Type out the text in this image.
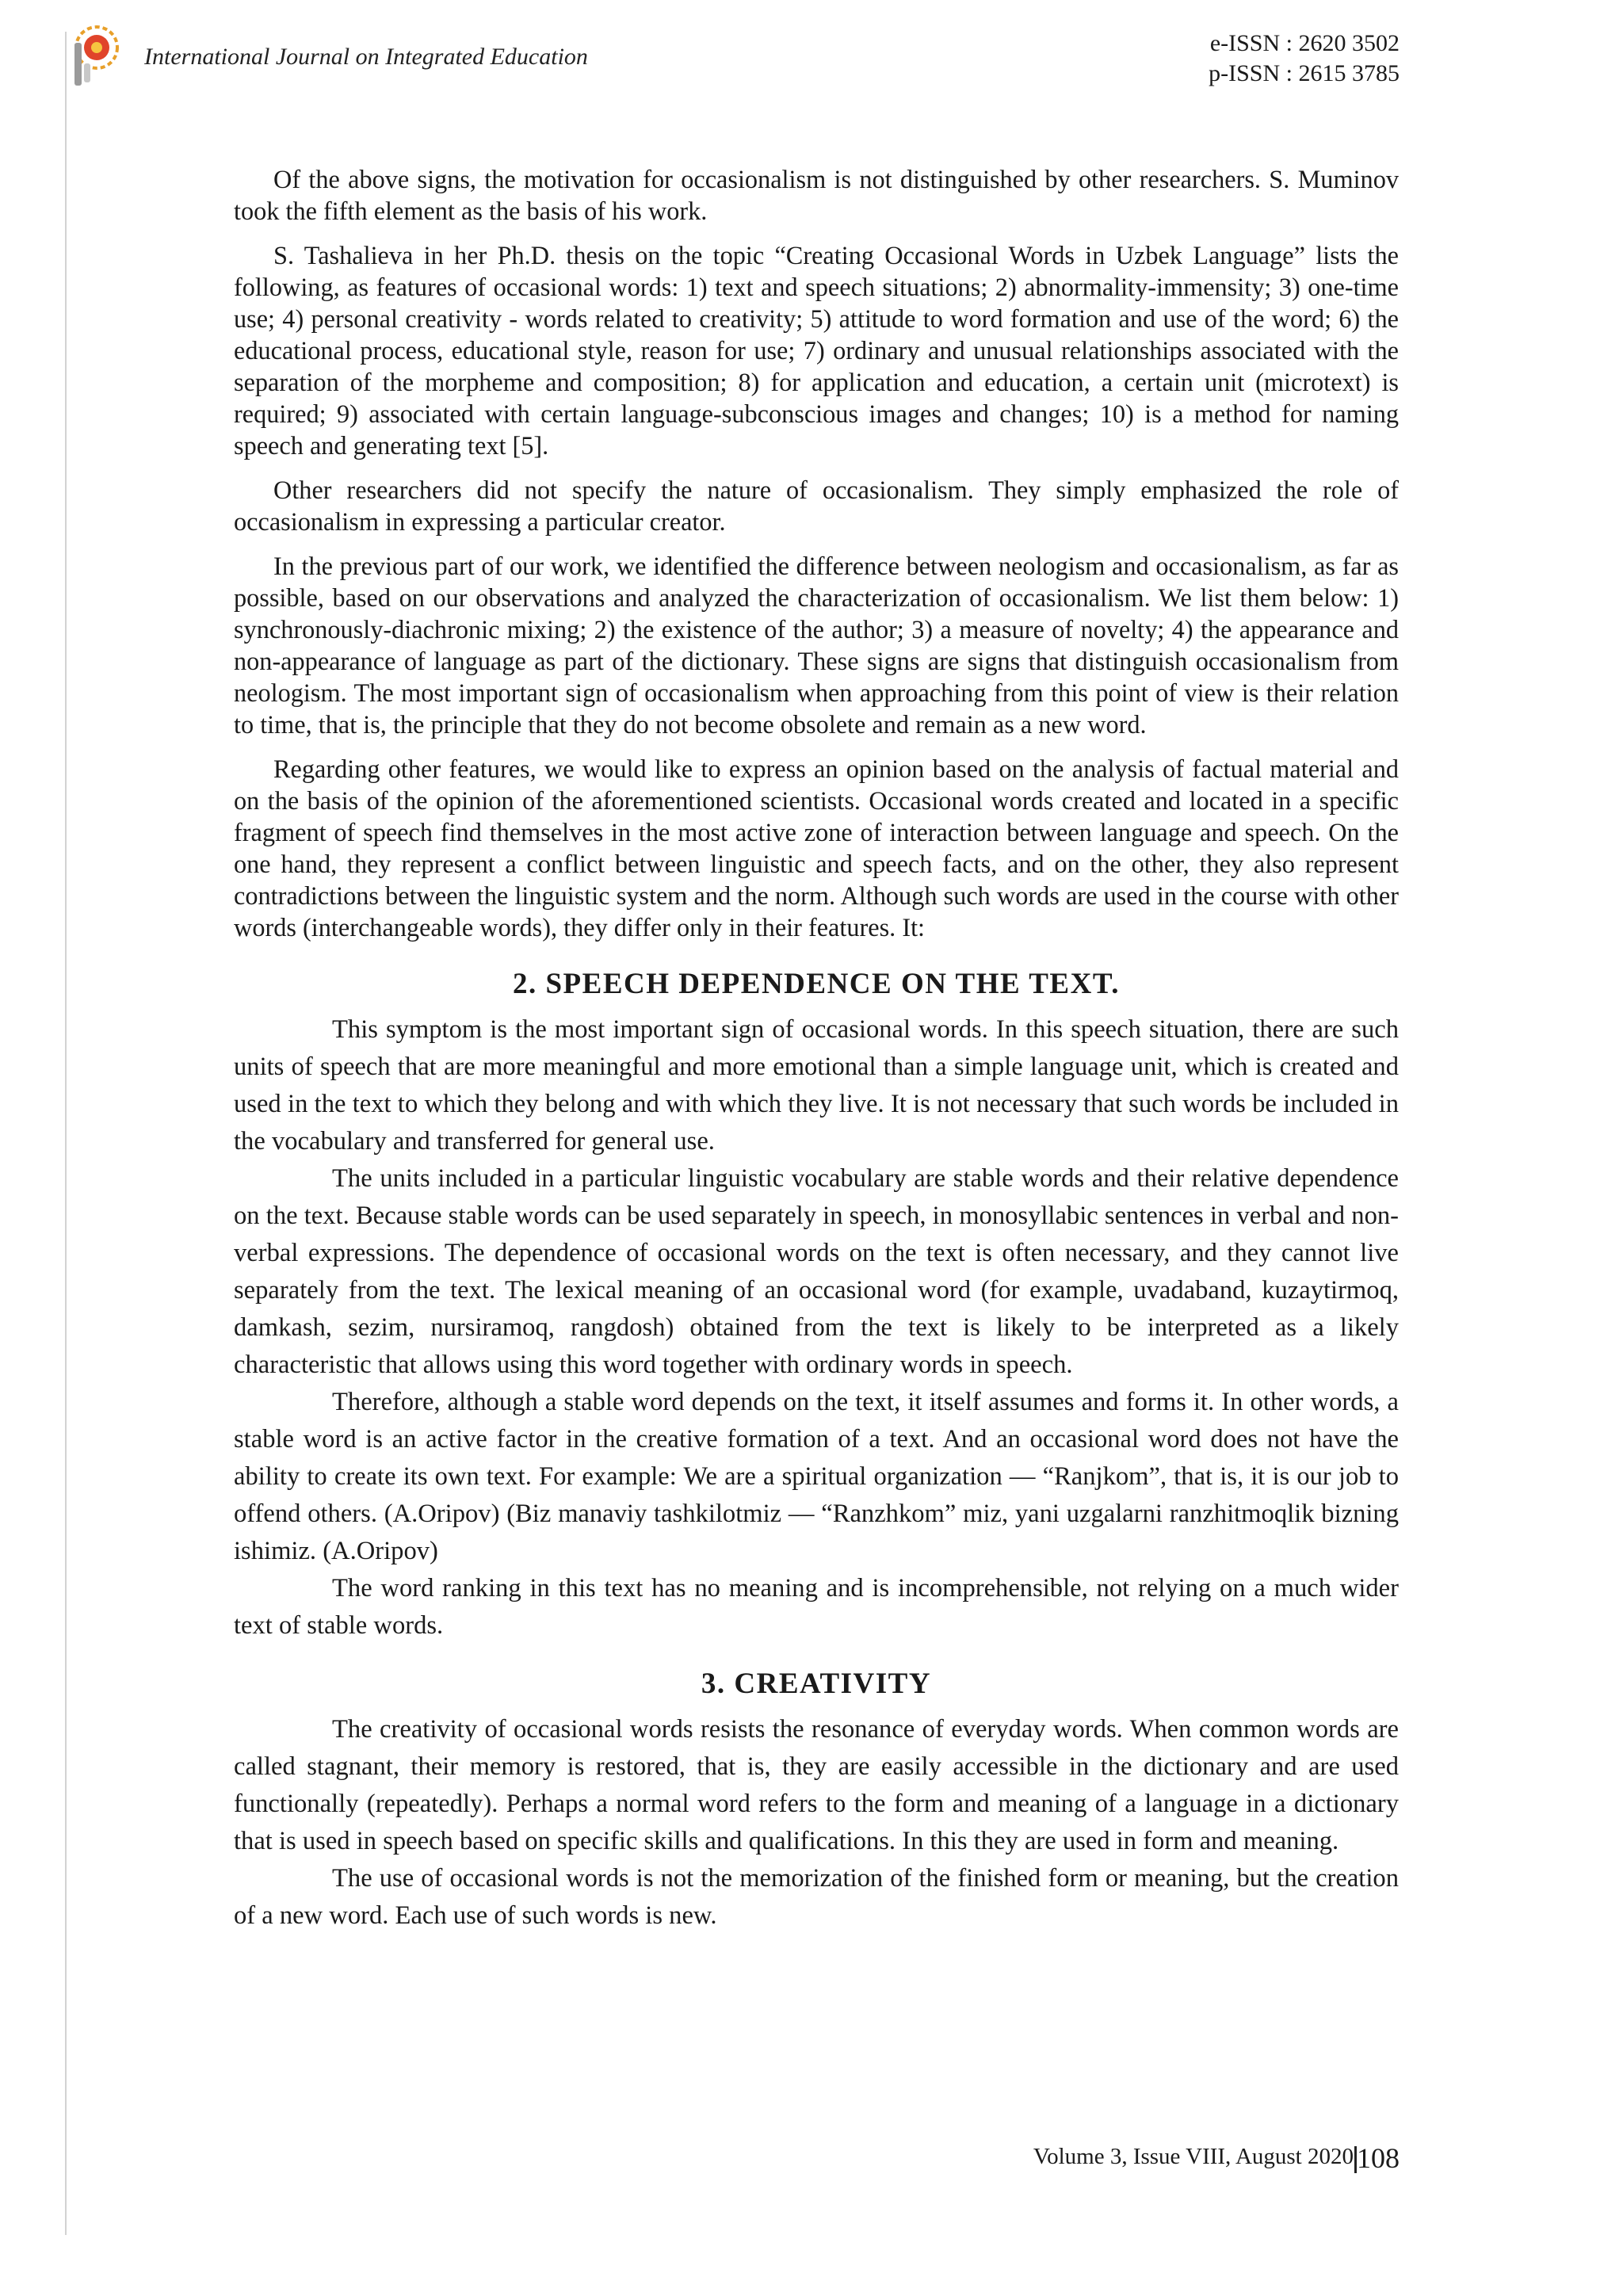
International Journal on Integrated Education
e-ISSN : 2620 3502
p-ISSN : 2615 3785

Of the above signs, the motivation for occasionalism is not distinguished by other researchers. S. Muminov took the fifth element as the basis of his work.

S. Tashalieva in her Ph.D. thesis on the topic “Creating Occasional Words in Uzbek Language” lists the following, as features of occasional words: 1) text and speech situations; 2) abnormality-immensity; 3) one-time use; 4) personal creativity - words related to creativity; 5) attitude to word formation and use of the word; 6) the educational process, educational style, reason for use; 7) ordinary and unusual relationships associated with the separation of the morpheme and composition; 8) for application and education, a certain unit (microtext) is required; 9) associated with certain language-subconscious images and changes; 10) is a method for naming speech and generating text [5].

Other researchers did not specify the nature of occasionalism. They simply emphasized the role of occasionalism in expressing a particular creator.

In the previous part of our work, we identified the difference between neologism and occasionalism, as far as possible, based on our observations and analyzed the characterization of occasionalism. We list them below: 1) synchronously-diachronic mixing; 2) the existence of the author; 3) a measure of novelty; 4) the appearance and non-appearance of language as part of the dictionary. These signs are signs that distinguish occasionalism from neologism. The most important sign of occasionalism when approaching from this point of view is their relation to time, that is, the principle that they do not become obsolete and remain as a new word.

Regarding other features, we would like to express an opinion based on the analysis of factual material and on the basis of the opinion of the aforementioned scientists. Occasional words created and located in a specific fragment of speech find themselves in the most active zone of interaction between language and speech. On the one hand, they represent a conflict between linguistic and speech facts, and on the other, they also represent contradictions between the linguistic system and the norm. Although such words are used in the course with other words (interchangeable words), they differ only in their features. It:

2. SPEECH DEPENDENCE ON THE TEXT.

This symptom is the most important sign of occasional words. In this speech situation, there are such units of speech that are more meaningful and more emotional than a simple language unit, which is created and used in the text to which they belong and with which they live. It is not necessary that such words be included in the vocabulary and transferred for general use.

The units included in a particular linguistic vocabulary are stable words and their relative dependence on the text. Because stable words can be used separately in speech, in monosyllabic sentences in verbal and non-verbal expressions. The dependence of occasional words on the text is often necessary, and they cannot live separately from the text. The lexical meaning of an occasional word (for example, uvadaband, kuzaytirmoq, damkash, sezim, nursiramoq, rangdosh) obtained from the text is likely to be interpreted as a likely characteristic that allows using this word together with ordinary words in speech.

Therefore, although a stable word depends on the text, it itself assumes and forms it. In other words, a stable word is an active factor in the creative formation of a text. And an occasional word does not have the ability to create its own text. For example: We are a spiritual organization — “Ranjkom”, that is, it is our job to offend others. (A.Oripov) (Biz manaviy tashkilotmiz — “Ranzhkom” miz, yani uzgalarni ranzhitmoqlik bizning ishimiz. (A.Oripov)

The word ranking in this text has no meaning and is incomprehensible, not relying on a much wider text of stable words.

3. CREATIVITY

The creativity of occasional words resists the resonance of everyday words. When common words are called stagnant, their memory is restored, that is, they are easily accessible in the dictionary and are used functionally (repeatedly). Perhaps a normal word refers to the form and meaning of a language in a dictionary that is used in speech based on specific skills and qualifications. In this they are used in form and meaning.

The use of occasional words is not the memorization of the finished form or meaning, but the creation of a new word. Each use of such words is new.

Volume 3, Issue VIII, August 2020 108
